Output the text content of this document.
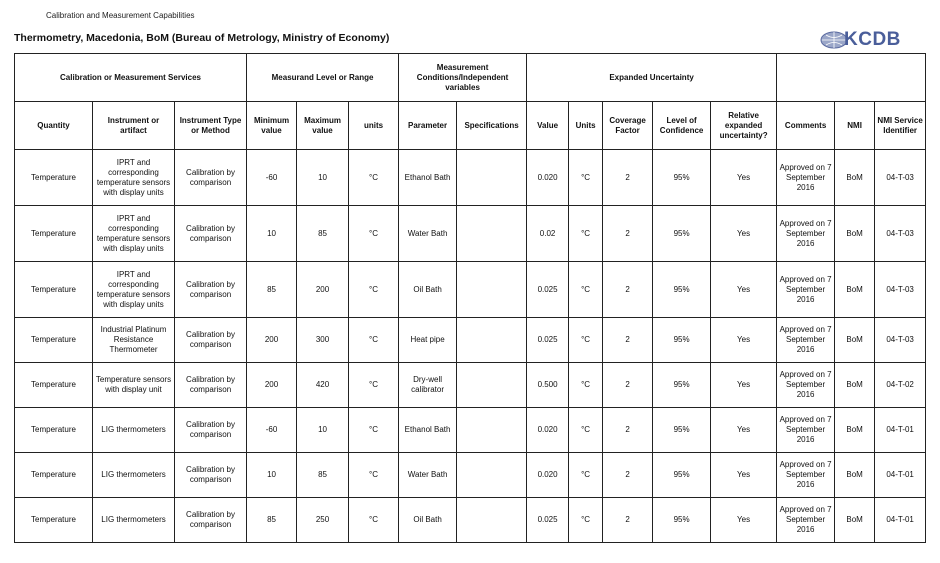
Calibration and Measurement Capabilities
Thermometry, Macedonia, BoM (Bureau of Metrology, Ministry of Economy)	KCDB
Calibration or Measurement Services			Measurand Level or Range			Measurement Conditions/Independent variables		Expanded Uncertainty							
Quantity	Instrument or artifact	Instrument Type or Method	Minimum value	Maximum value	units	Parameter	Specifications	Value	Units	Coverage Factor	Level of Confidence	Relative expanded uncertainty?	Comments	NMI	NMI Service Identifier
Temperature	IPRT and corresponding temperature sensors with display units	Calibration by comparison	-60	10	°C	Ethanol Bath		0.020	°C	2	95%	Yes	Approved on 7 September 2016	BoM	04-T-03
Temperature	IPRT and corresponding temperature sensors with display units	Calibration by comparison	10	85	°C	Water Bath		0.02	°C	2	95%	Yes	Approved on 7 September 2016	BoM	04-T-03
Temperature	IPRT and corresponding temperature sensors with display units	Calibration by comparison	85	200	°C	Oil Bath		0.025	°C	2	95%	Yes	Approved on 7 September 2016	BoM	04-T-03
Temperature	Industrial Platinum Resistance Thermometer	Calibration by comparison	200	300	°C	Heat pipe		0.025	°C	2	95%	Yes	Approved on 7 September 2016	BoM	04-T-03
Temperature	Temperature sensors with display unit	Calibration by comparison	200	420	°C	Dry-well calibrator		0.500	°C	2	95%	Yes	Approved on 7 September 2016	BoM	04-T-02
Temperature	LIG thermometers	Calibration by comparison	-60	10	°C	Ethanol Bath		0.020	°C	2	95%	Yes	Approved on 7 September 2016	BoM	04-T-01
Temperature	LIG thermometers	Calibration by comparison	10	85	°C	Water Bath		0.020	°C	2	95%	Yes	Approved on 7 September 2016	BoM	04-T-01
Temperature	LIG thermometers	Calibration by comparison	85	250	°C	Oil Bath		0.025	°C	2	95%	Yes	Approved on 7 September 2016	BoM	04-T-01
